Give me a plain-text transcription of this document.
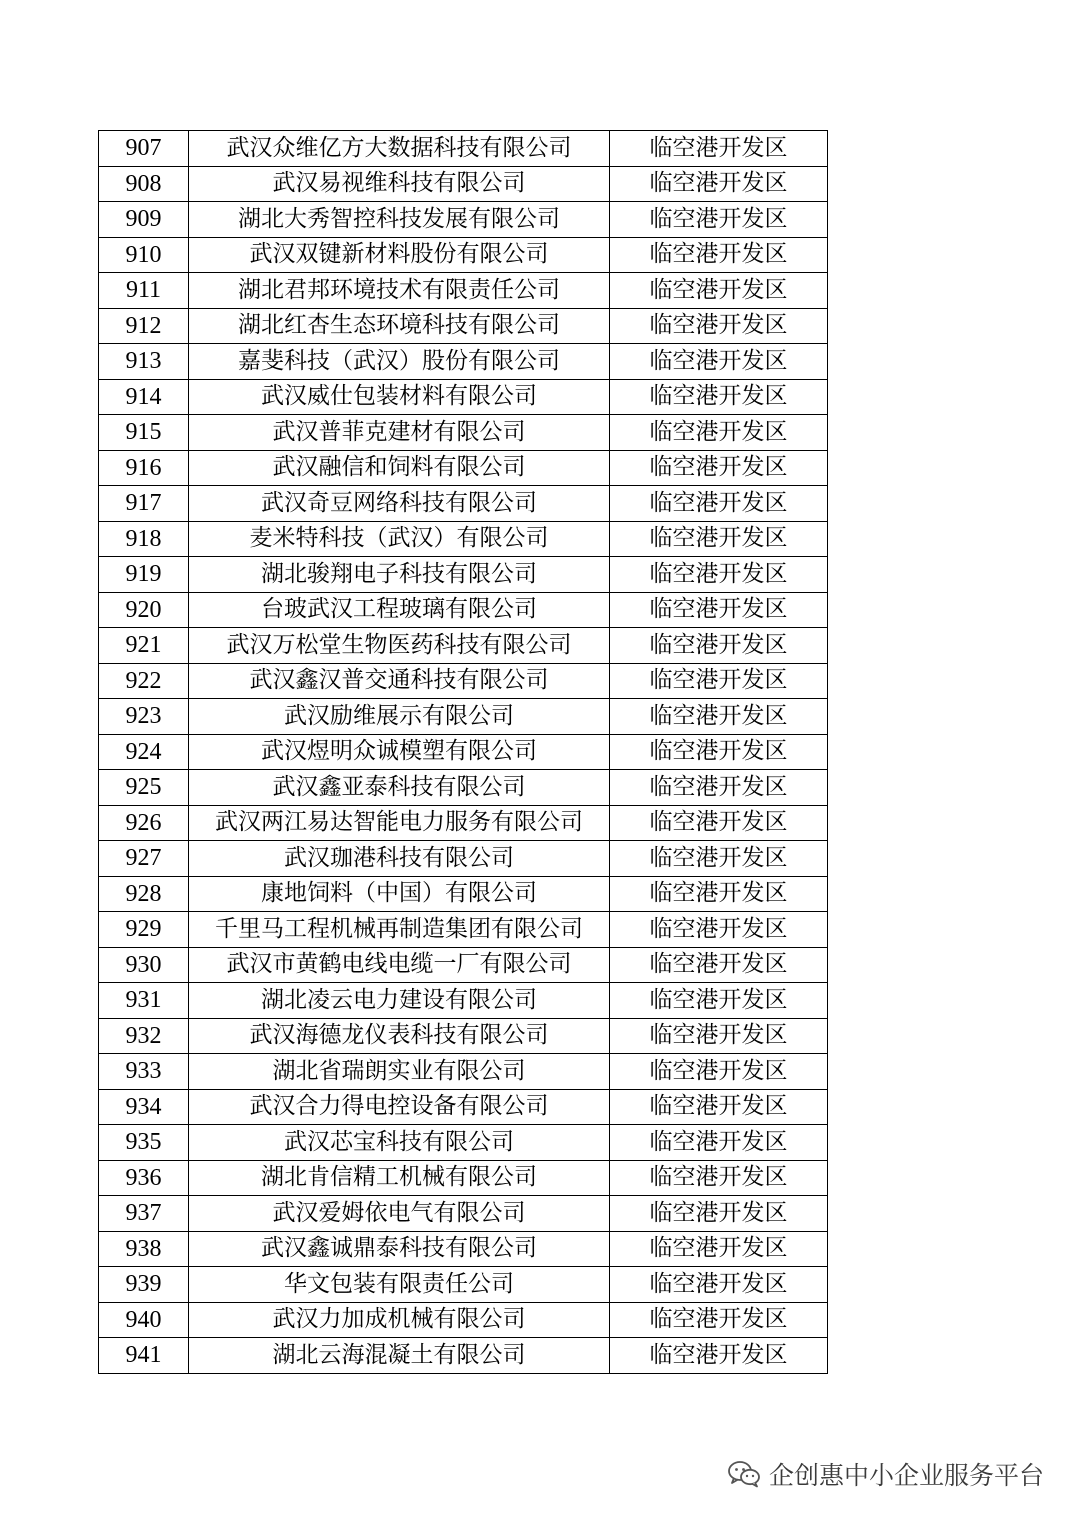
907	武汉众维亿方大数据科技有限公司	临空港开发区
908	武汉易视维科技有限公司	临空港开发区
909	湖北大秀智控科技发展有限公司	临空港开发区
910	武汉双键新材料股份有限公司	临空港开发区
911	湖北君邦环境技术有限责任公司	临空港开发区
912	湖北红杏生态环境科技有限公司	临空港开发区
913	嘉斐科技（武汉）股份有限公司	临空港开发区
914	武汉威仕包装材料有限公司	临空港开发区
915	武汉普菲克建材有限公司	临空港开发区
916	武汉融信和饲料有限公司	临空港开发区
917	武汉奇豆网络科技有限公司	临空港开发区
918	麦米特科技（武汉）有限公司	临空港开发区
919	湖北骏翔电子科技有限公司	临空港开发区
920	台玻武汉工程玻璃有限公司	临空港开发区
921	武汉万松堂生物医药科技有限公司	临空港开发区
922	武汉鑫汉普交通科技有限公司	临空港开发区
923	武汉励维展示有限公司	临空港开发区
924	武汉煜明众诚模塑有限公司	临空港开发区
925	武汉鑫亚泰科技有限公司	临空港开发区
926	武汉两江易达智能电力服务有限公司	临空港开发区
927	武汉珈港科技有限公司	临空港开发区
928	康地饲料（中国）有限公司	临空港开发区
929	千里马工程机械再制造集团有限公司	临空港开发区
930	武汉市黄鹤电线电缆一厂有限公司	临空港开发区
931	湖北凌云电力建设有限公司	临空港开发区
932	武汉海德龙仪表科技有限公司	临空港开发区
933	湖北省瑞朗实业有限公司	临空港开发区
934	武汉合力得电控设备有限公司	临空港开发区
935	武汉芯宝科技有限公司	临空港开发区
936	湖北肯信精工机械有限公司	临空港开发区
937	武汉爱姆依电气有限公司	临空港开发区
938	武汉鑫诚鼎泰科技有限公司	临空港开发区
939	华文包装有限责任公司	临空港开发区
940	武汉力加成机械有限公司	临空港开发区
941	湖北云海混凝土有限公司	临空港开发区
企创惠中小企业服务平台
